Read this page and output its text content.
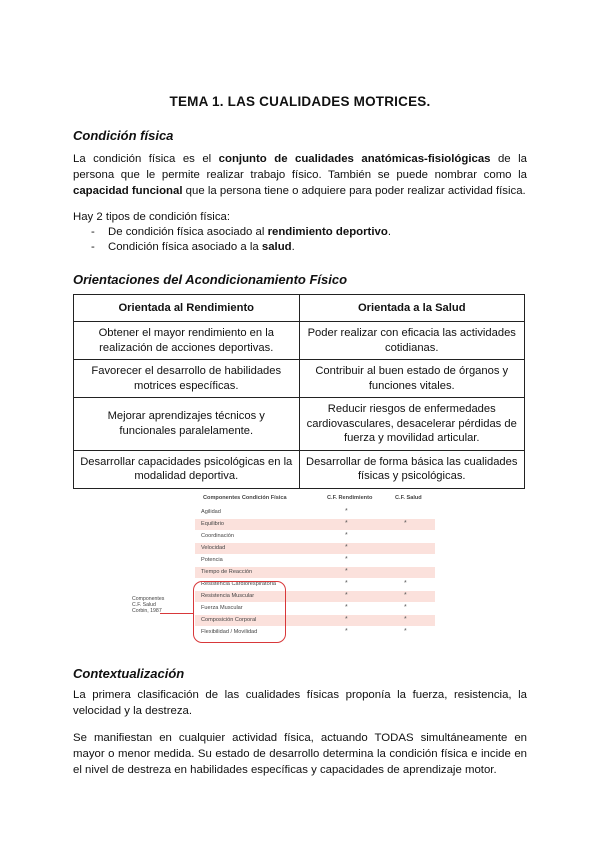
TEMA 1. LAS CUALIDADES MOTRICES.
Condición física
La condición física es el conjunto de cualidades anatómicas-fisiológicas de la persona que le permite realizar trabajo físico. También se puede nombrar como la capacidad funcional que la persona tiene o adquiere para poder realizar actividad física.
Hay 2 tipos de condición física:
- De condición física asociado al rendimiento deportivo.
- Condición física asociado a la salud.
Orientaciones del Acondicionamiento Físico
Orientada al Rendimiento	Orientada a la Salud
Obtener el mayor rendimiento en la realización de acciones deportivas.	Poder realizar con eficacia las actividades cotidianas.
Favorecer el desarrollo de habilidades motrices específicas.	Contribuir al buen estado de órganos y funciones vitales.
Mejorar aprendizajes técnicos y funcionales paralelamente.	Reducir riesgos de enfermedades cardiovasculares, desacelerar pérdidas de fuerza y movilidad articular.
Desarrollar capacidades psicológicas en la modalidad deportiva.	Desarrollar de forma básica las cualidades físicas y psicológicas.
Componentes Condición Física	C.F. Rendimiento	C.F. Salud
Agilidad	*
Equilibrio	*	*
Coordinación	*
Velocidad	*
Potencia	*
Tiempo de Reacción	*
Resistencia Cardiorespiratoria	*	*
Resistencia Muscular	*	*
Fuerza Muscular	*	*
Composición Corporal	*	*
Flexibilidad / Movilidad	*	*
Componentes C.F. Salud Corbin, 1987
Contextualización
La primera clasificación de las cualidades físicas proponía la fuerza, resistencia, la velocidad y la destreza.
Se manifiestan en cualquier actividad física, actuando TODAS simultáneamente en mayor o menor medida. Su estado de desarrollo determina la condición física e incide en el nivel de destreza en habilidades específicas y capacidades de aprendizaje motor.
